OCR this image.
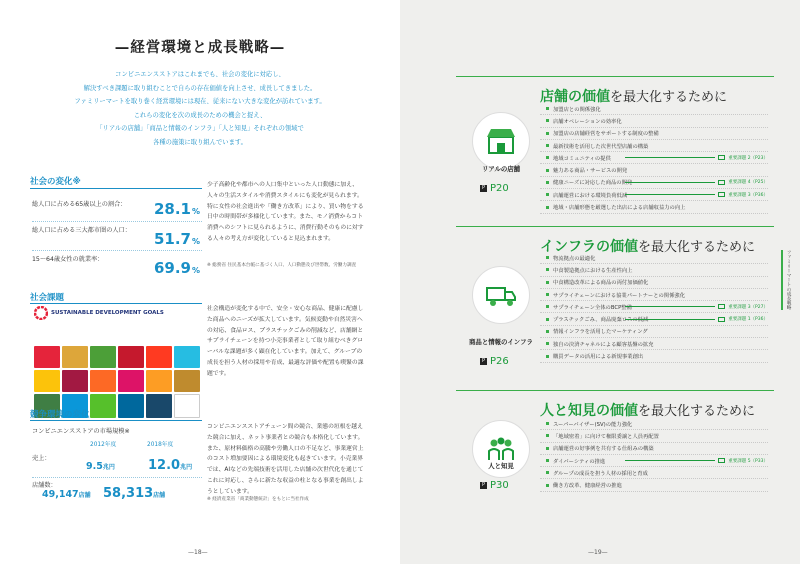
—経営環境と成長戦略—
コンビニエンスストアはこれまでも、社会の変化に対応し、
解決すべき課題に取り組むことで自らの存在価値を向上させ、成長してきました。
ファミリーマートを取り巻く経営環境には現在、従来にない大きな変化が訪れています。
これらの変化を次の成長のための機会と捉え、
「リアルの店舗」「商品と情報のインフラ」「人と知見」それぞれの領域で
各種の施策に取り組んでいます。
社会の変化※
総人口に占める65歳以上の割合：	28.1%
総人口に占める三大都市圏の人口：	51.7%
15～64歳女性の就業率：	69.9%
少子高齢化や都市への人口集中といった人口動態に加え、人々の生活スタイルや消費スタイルにも変化が見られます。特に女性の社会進出や「働き方改革」により、買い物をする日中の時間帯が多様化しています。また、モノ消費からコト消費へのシフトに見られるように、消費行動そのものに対する人々の考え方が変化していると見込まれます。
※ 総務省 住民基本台帳に基づく人口、人口動態及び世帯数、労働力調査
社会課題
SUSTAINABLE DEVELOPMENT GOALS
社会構造が変化する中で、安全・安心な商品、健康に配慮した商品へのニーズが拡大しています。気候変動や自然災害への対応、食品ロス、プラスチックごみの削減など、店舗網とサプライチェーンを持つ小売事業者として取り組むべきグローバルな課題が多く顕在化しています。加えて、グループの成長を担う人材の採用や育成、最適な評価や配置も喫緊の課題です。
競争環境の変化
コンビニエンスストアの市場規模※
2012年度	2018年度
売上：
9.5兆円	12.0兆円
店舗数：
49,147店舗 58,313店舗
コンビニエンスストアチェーン間の競合、業態の垣根を越えた競合に加え、ネット事業者との競合も本格化しています。また、原材料価格の高騰や労働人口の不足など、事業運営上のコスト増加要因による環境変化も起きています。小売業界では、AIなどの先端技術を活用した店舗の次世代化を通じてこれに対応し、さらに新たな収益の柱となる事業を創出しようとしています。
※ 経済産業省「商業動態統計」をもとに当社作成
—18—
店舗の価値を最大化するために
リアルの店舗
P P20
加盟店との関係強化
店舗オペレーションの効率化
加盟店の店舗経営をサポートする制度の整備
最新技術を活用した次世代型店舗の構築
地域コミュニティの提供	重要課題 2（P23）
魅力ある商品・サービスの開発
健康ニーズに対応した商品の開発	重要課題 4（P25）
店舗運営における環境負荷低減	重要課題 3（P36）
地域・店舗形態を厳選した出店による店舗収益力の向上
インフラの価値を最大化するために
商品と情報のインフラ
P P26
物流拠点の最適化
中食製造拠点における生産性向上
中食構造改革による商品の両付加価値化
サプライチェーンにおける協業パートナーとの関係強化
サプライチェーン全体のBCP整備	重要課題 3（P27）
プラスチックごみ、商品廃棄ロスの低減	重要課題 1（P36）
情報インフラを活用したマーケティング
独自の決済チャネルによる顧客基盤の拡充
購買データの活用による新規事業創出
人と知見の価値を最大化するために
人と知見
P P30
スーパーバイザー(SV)の能力強化
「地域密着」に向けて権限委譲と人員再配置
店舗運営の好事例を共有する仕組みの構築
ダイバーシティの推進	重要課題 5（P33）
グループの成長を担う人材の採用と育成
働き方改革、健康経営の推進
ファミリーマートの成長戦略
—19—
